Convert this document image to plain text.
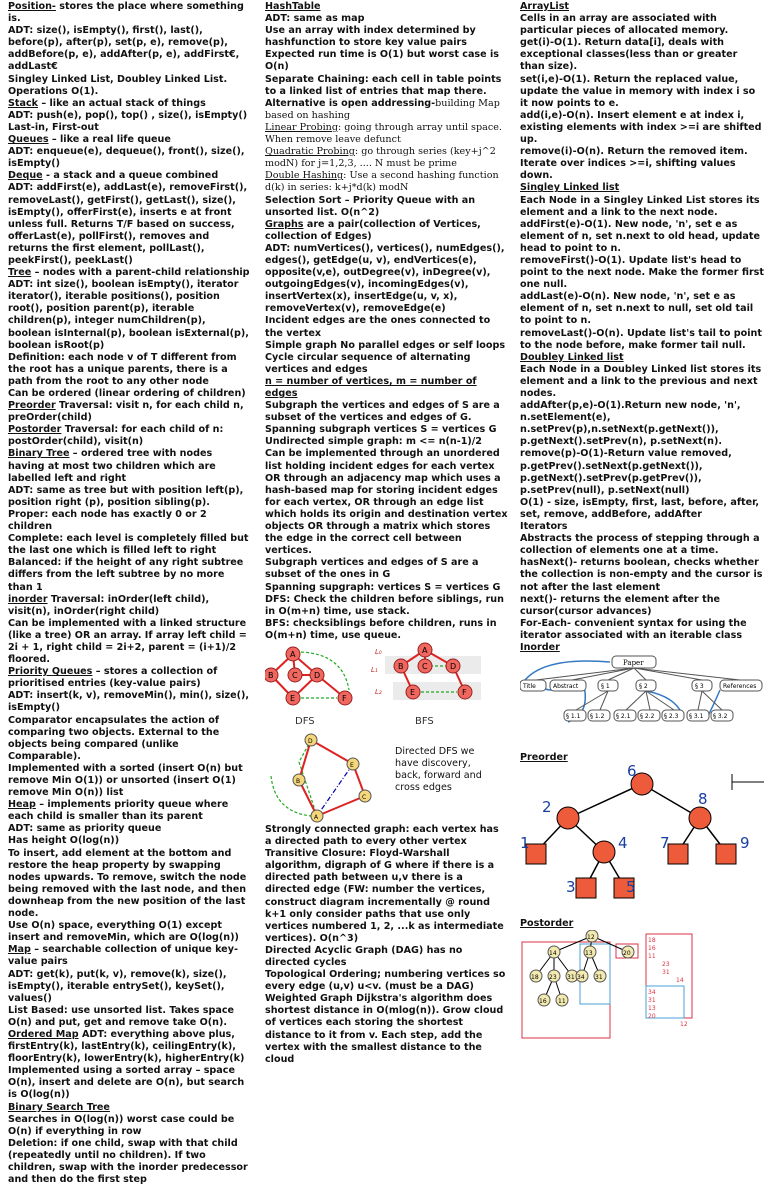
Position- stores the place where something is.
ADT: size(), isEmpty(), first(), last(), before(p), after(p), set(p, e), remove(p), addBefore(p, e), addAfter(p, e), addFirst€, addLast€
Singley Linked List, Doubley Linked List. Operations O(1).
Stack – like an actual stack of things
ADT: push(e), pop(), top() , size(), isEmpty()
Last-in, First-out
Queues – like a real life queue
ADT: enqueue(e), dequeue(), front(), size(), isEmpty()
Deque - a stack and a queue combined
ADT: addFirst(e), addLast(e), removeFirst(), removeLast(), getFirst(), getLast(), size(), isEmpty(), offerFirst(e), inserts e at front unless full. Returns T/F based on success, offerLast(e), pollFirst(), removes and returns the first element, pollLast(), peekFirst(), peekLast()
Tree – nodes with a parent-child relationship
ADT: int size(), boolean isEmpty(), iterator iterator(), iterable positions(), position root(), position parent(p), iterable children(p), integer numChildren(p), boolean isInternal(p), boolean isExternal(p), boolean isRoot(p)
Definition: each node v of T different from the root has a unique parents, there is a path from the root to any other node
Can be ordered (linear ordering of children)
Preorder Traversal: visit n, for each child n, preOrder(child)
Postorder Traversal: for each child of n: postOrder(child), visit(n)
Binary Tree – ordered tree with nodes having at most two children which are labelled left and right
ADT: same as tree but with position left(p), position right (p), position sibling(p).
Proper: each node has exactly 0 or 2 children
Complete: each level is completely filled but the last one which is filled left to right
Balanced: if the height of any right subtree differs from the left subtree by no more than 1
inorder Traversal: inOrder(left child), visit(n), inOrder(right child)
Can be implemented with a linked structure (like a tree) OR an array. If array left child = 2i + 1, right child = 2i+2, parent = (i+1)/2 floored.
Priority Queues – stores a collection of prioritised entries (key-value pairs)
ADT: insert(k, v), removeMin(), min(), size(), isEmpty()
Comparator encapsulates the action of comparing two objects. External to the objects being compared (unlike Comparable).
Implemented with a sorted (insert O(n) but remove Min O(1)) or unsorted (insert O(1) remove Min O(n)) list
Heap – implements priority queue where each child is smaller than its parent
ADT: same as priority queue
Has height O(log(n))
To insert, add element at the bottom and restore the heap property by swapping nodes upwards. To remove, switch the node being removed with the last node, and then downheap from the new position of the last node.
Use O(n) space, everything O(1) except insert and removeMin, which are O(log(n))
Map – searchable collection of unique key-value pairs
ADT: get(k), put(k, v), remove(k), size(), isEmpty(), iterable entrySet(), keySet(), values()
List Based: use unsorted list. Takes space O(n) and put, get and remove take O(n).
Ordered Map ADT: everything above plus, firstEntry(k), lastEntry(k), ceilingEntry(k), floorEntry(k), lowerEntry(k), higherEntry(k)
Implemented using a sorted array – space O(n), insert and delete are O(n), but search is O(log(n))
Binary Search Tree
Searches in O(log(n)) worst case could be O(n) if everything in row
Deletion: if one child, swap with that child (repeatedly until no children). If two children, swap with the inorder predecessor and then do the first step
HashTable
ADT: same as map
Use an array with index determined by hashfunction to store key value pairs
Expected run time is O(1) but worst case is O(n)
Separate Chaining: each cell in table points to a linked list of entries that map there. Alternative is open addressing-building Map based on hashing
Linear Probing: going through array until space. When remove leave defunct
Quadratic Probing: go through series (key+j^2 modN) for j=1,2,3, .... N must be prime
Double Hashing: Use a second hashing function d(k) in series: k+j*d(k) modN
Selection Sort – Priority Queue with an unsorted list. O(n^2)
Graphs are a pair(collection of Vertices, collection of Edges)
ADT: numVertices(), vertices(), numEdges(), edges(), getEdge(u, v), endVertices(e), opposite(v,e), outDegree(v), inDegree(v), outgoingEdges(v), incomingEdges(v), insertVertex(x), insertEdge(u, v, x), removeVertex(v), removeEdge(e)
Incident edges are the ones connected to the vertex
Simple graph No parallel edges or self loops
Cycle circular sequence of alternating vertices and edges
n = number of vertices, m = number of edges
Subgraph the vertices and edges of S are a subset of the vertices and edges of G. Spanning subgraph vertices S = vertices G
Undirected simple graph: m <= n(n-1)/2
Can be implemented through an unordered list holding incident edges for each vertex OR through an adjacency map which uses a hash-based map for storing incident edges for each vertex, OR through an edge list which holds its origin and destination vertex objects OR through a matrix which stores the edge in the correct cell between vertices.
Subgraph vertices and edges of S are a subset of the ones in G
Spanning supgraph: vertices S = vertices G
DFS: Check the children before siblings, run in O(m+n) time, use stack.
BFS: checksiblings before children, runs in O(m+n) time, use queue.
A
B C D
E	F
DFS
L₀
L₁
L₂
A
B C	D
E	F
BFS
D
E
B
C
A
Directed DFS we have discovery, back, forward and cross edges
Strongly connected graph: each vertex has a directed path to every other vertex
Transitive Closure: Floyd-Warshall algorithm, digraph of G where if there is a directed path between u,v there is a directed edge (FW: number the vertices, construct diagram incrementally @ round k+1 only consider paths that use only vertices numbered 1, 2, ...k as intermediate vertices). O(n^3)
Directed Acyclic Graph (DAG) has no directed cycles
Topological Ordering; numbering vertices so every edge (u,v) u<v. (must be a DAG)
Weighted Graph Dijkstra's algorithm does shortest distance in O(mlog(n)). Grow cloud of vertices each storing the shortest distance to it from v. Each step, add the vertex with the smallest distance to the cloud
ArrayList
Cells in an array are associated with particular pieces of allocated memory.
get(i)-O(1). Return data[i], deals with exceptional classes(less than or greater than size).
set(i,e)-O(1). Return the replaced value, update the value in memory with index i so it now points to e.
add(i,e)-O(n). Insert element e at index i, existing elements with index >=i are shifted up.
remove(i)-O(n). Return the removed item. Iterate over indices >=i, shifting values down.
Singley Linked list
Each Node in a Singley Linked List stores its element and a link to the next node.
addFirst(e)-O(1). New node, 'n', set e as element of n, set n.next to old head, update head to point to n.
removeFirst()-O(1). Update list's head to point to the next node. Make the former first one null.
addLast(e)-O(n). New node, 'n', set e as element of n, set n.next to null, set old tail to point to n.
removeLast()-O(n). Update list's tail to point to the node before, make former tail null.
Doubley Linked list
Each Node in a Doubley Linked list stores its element and a link to the previous and next nodes.
addAfter(p,e)-O(1).Return new node, 'n', n.setElement(e), n.setPrev(p),n.setNext(p.getNext()), p.getNext().setPrev(n), p.setNext(n).
remove(p)-O(1)-Return value removed, p.getPrev().setNext(p.getNext()), p.getNext().setPrev(p.getPrev()), p.setPrev(null), p.setNext(null)
O(1) - size, isEmpty, first, last, before, after, set, remove, addBefore, addAfter
Iterators
Abstracts the process of stepping through a collection of elements one at a time.
hasNext()- returns boolean, checks whether the collection is non-empty and the cursor is not after the last element
next()- returns the element after the cursor(cursor advances)
For-Each- convenient syntax for using the iterator associated with an iterable class
Inorder
Paper
Title	Abstract	§ 1	§ 2	§ 3	References
§ 1.1 § 1.2 § 2.1 § 2.2 § 2.3 § 3.1 § 3.2
Preorder
6
2	8
1	4 7	9
3	5
Postorder
12
14	13	20
18 23 31 34 31
16 11
18
16
11
23
31
14
34
31
13
20
12
